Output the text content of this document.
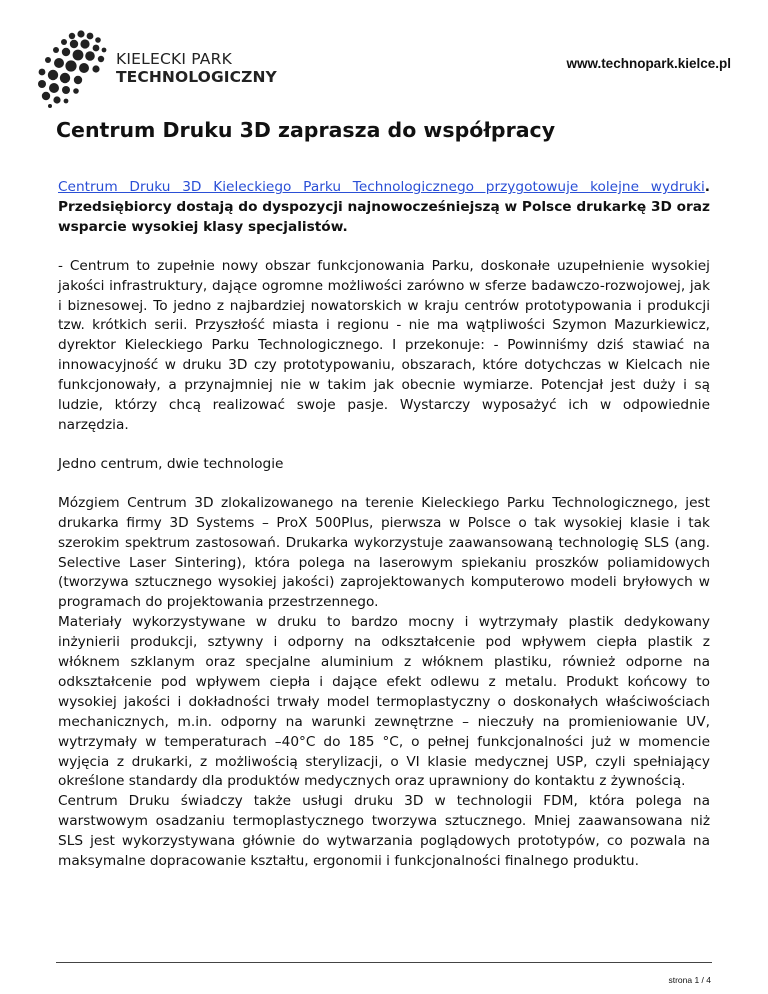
KIELECKI PARK
TECHNOLOGICZNY
www.technopark.kielce.pl
Centrum Druku 3D zaprasza do współpracy

Centrum Druku 3D Kieleckiego Parku Technologicznego przygotowuje kolejne wydruki. Przedsiębiorcy dostają do dyspozycji najnowocześniejszą w Polsce drukarkę 3D oraz wsparcie wysokiej klasy specjalistów.

- Centrum to zupełnie nowy obszar funkcjonowania Parku, doskonałe uzupełnienie wysokiej jakości infrastruktury, dające ogromne możliwości zarówno w sferze badawczo-rozwojowej, jak i biznesowej. To jedno z najbardziej nowatorskich w kraju centrów prototypowania i produkcji tzw. krótkich serii. Przyszłość miasta i regionu - nie ma wątpliwości Szymon Mazurkiewicz, dyrektor Kieleckiego Parku Technologicznego. I przekonuje: - Powinniśmy dziś stawiać na innowacyjność w druku 3D czy prototypowaniu, obszarach, które dotychczas w Kielcach nie funkcjonowały, a przynajmniej nie w takim jak obecnie wymiarze. Potencjał jest duży i są ludzie, którzy chcą realizować swoje pasje. Wystarczy wyposażyć ich w odpowiednie narzędzia.

Jedno centrum, dwie technologie

Mózgiem Centrum 3D zlokalizowanego na terenie Kieleckiego Parku Technologicznego, jest drukarka firmy 3D Systems – ProX 500Plus, pierwsza w Polsce o tak wysokiej klasie i tak szerokim spektrum zastosowań. Drukarka wykorzystuje zaawansowaną technologię SLS (ang. Selective Laser Sintering), która polega na laserowym spiekaniu proszków poliamidowych (tworzywa sztucznego wysokiej jakości) zaprojektowanych komputerowo modeli bryłowych w programach do projektowania przestrzennego.

Materiały wykorzystywane w druku to bardzo mocny i wytrzymały plastik dedykowany inżynierii produkcji, sztywny i odporny na odkształcenie pod wpływem ciepła plastik z włóknem szklanym oraz specjalne aluminium z włóknem plastiku, również odporne na odkształcenie pod wpływem ciepła i dające efekt odlewu z metalu. Produkt końcowy to wysokiej jakości i dokładności trwały model termoplastyczny o doskonałych właściwościach mechanicznych, m.in. odporny na warunki zewnętrzne – nieczuły na promieniowanie UV, wytrzymały w temperaturach –40°C do 185 °C, o pełnej funkcjonalności już w momencie wyjęcia z drukarki, z możliwością sterylizacji, o VI klasie medycznej USP, czyli spełniający określone standardy dla produktów medycznych oraz uprawniony do kontaktu z żywnością.

Centrum Druku świadczy także usługi druku 3D w technologii FDM, która polega na warstwowym osadzaniu termoplastycznego tworzywa sztucznego. Mniej zaawansowana niż SLS jest wykorzystywana głównie do wytwarzania poglądowych prototypów, co pozwala na maksymalne dopracowanie kształtu, ergonomii i funkcjonalności finalnego produktu.

strona 1 / 4
